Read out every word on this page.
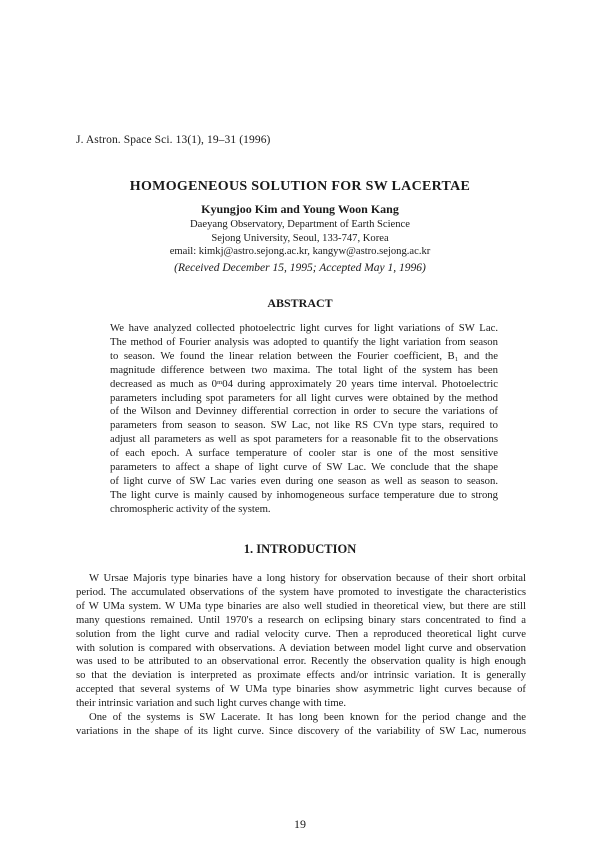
J. Astron. Space Sci. 13(1), 19–31 (1996)
HOMOGENEOUS SOLUTION FOR SW LACERTAE
Kyungjoo Kim and Young Woon Kang
Daeyang Observatory, Department of Earth Science
Sejong University, Seoul, 133-747, Korea
email: kimkj@astro.sejong.ac.kr, kangyw@astro.sejong.ac.kr
(Received December 15, 1995; Accepted May 1, 1996)
ABSTRACT
We have analyzed collected photoelectric light curves for light variations of SW Lac.
The method of Fourier analysis was adopted to quantify the light variation from season
to season. We found the linear relation between the Fourier coefficient, B₁ and the
magnitude difference between two maxima. The total light of the system has been
decreased as much as 0ᵐ04 during approximately 20 years time interval. Photoelectric
parameters including spot parameters for all light curves were obtained by the method
of the Wilson and Devinney differential correction in order to secure the variations of
parameters from season to season. SW Lac, not like RS CVn type stars, required to
adjust all parameters as well as spot parameters for a reasonable fit to the observations
of each epoch. A surface temperature of cooler star is one of the most sensitive
parameters to affect a shape of light curve of SW Lac. We conclude that the shape
of light curve of SW Lac varies even during one season as well as season to season.
The light curve is mainly caused by inhomogeneous surface temperature due to strong
chromospheric activity of the system.
1. INTRODUCTION
W Ursae Majoris type binaries have a long history for observation because of their short orbital
period. The accumulated observations of the system have promoted to investigate the characteristics
of W UMa system. W UMa type binaries are also well studied in theoretical view, but there are still
many questions remained. Until 1970's a research on eclipsing binary stars concentrated to find a
solution from the light curve and radial velocity curve. Then a reproduced theoretical light curve
with solution is compared with observations. A deviation between model light curve and observation
was used to be attributed to an observational error. Recently the observation quality is high enough
so that the deviation is interpreted as proximate effects and/or intrinsic variation. It is generally
accepted that several systems of W UMa type binaries show asymmetric light curves because of
their intrinsic variation and such light curves change with time.
One of the systems is SW Lacerate. It has long been known for the period change and the
variations in the shape of its light curve. Since discovery of the variability of SW Lac, numerous
19
